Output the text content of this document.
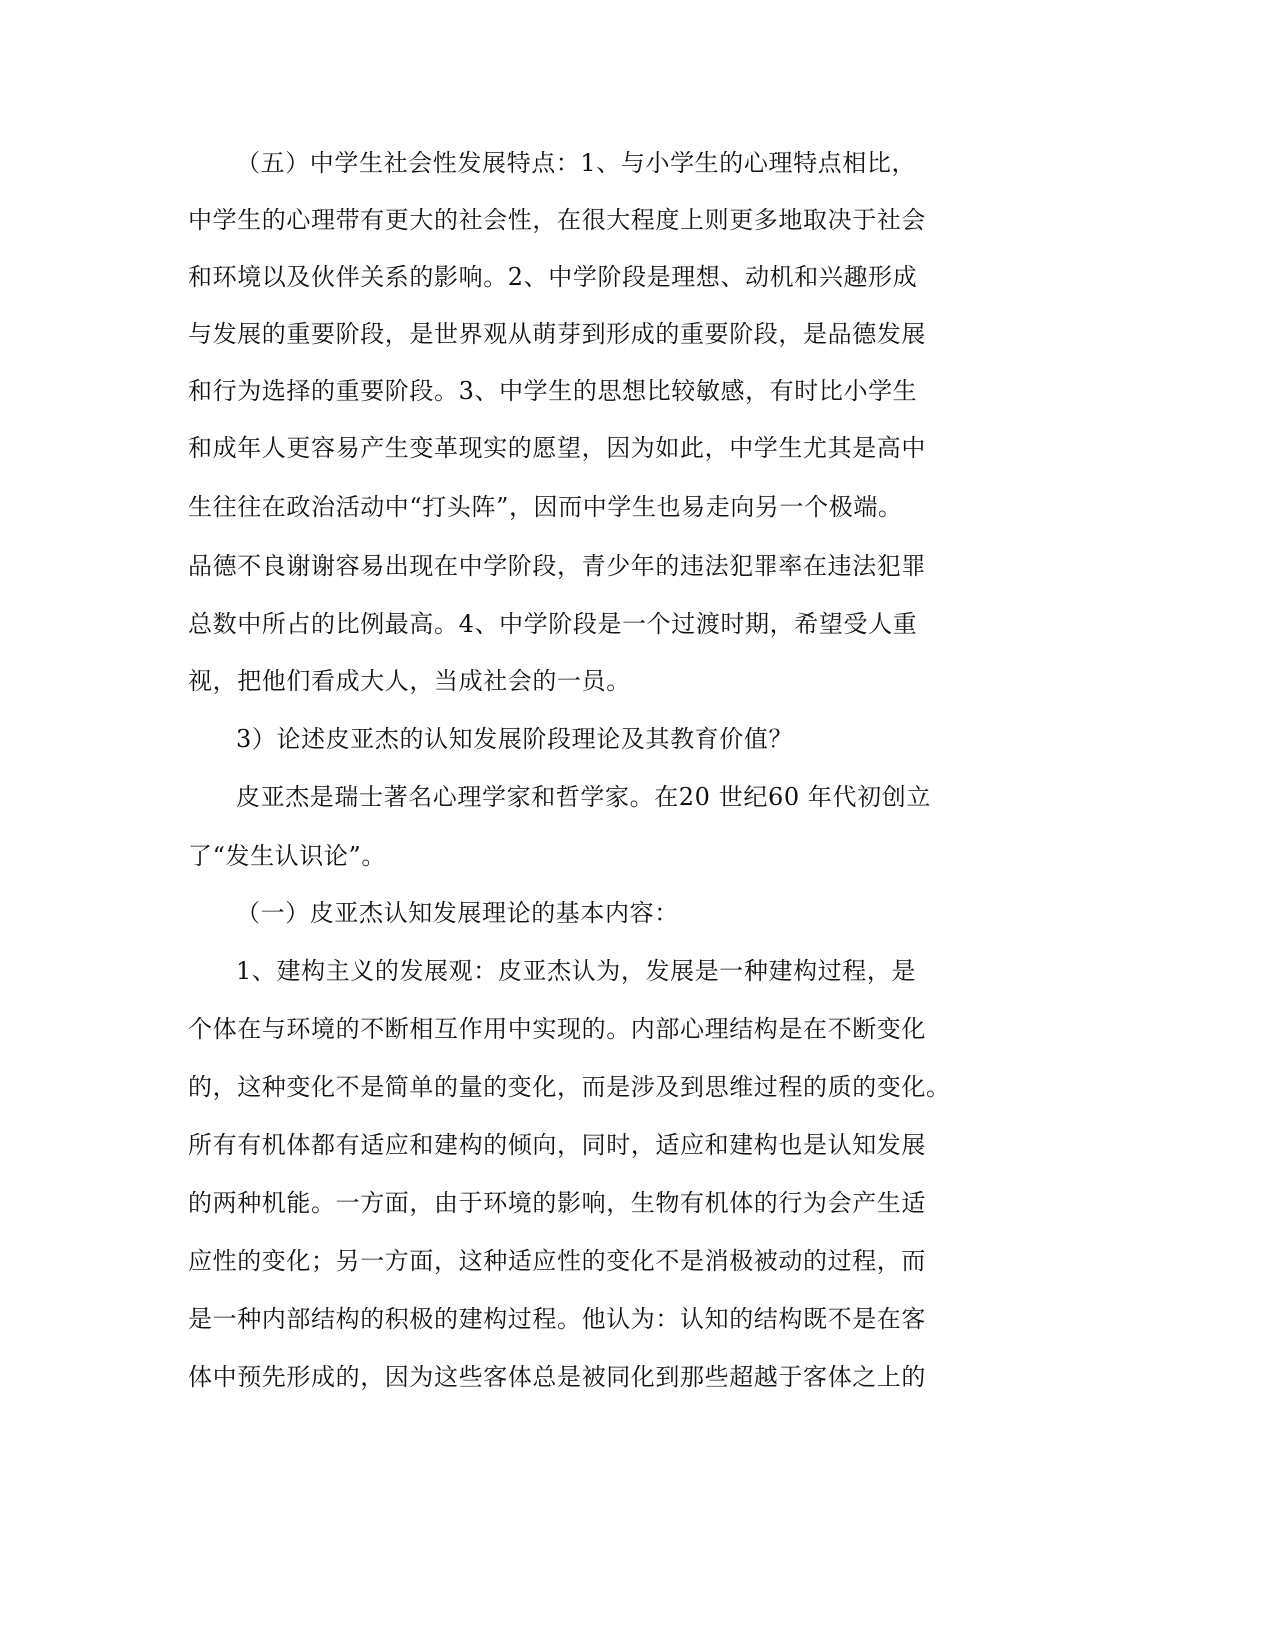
（五）中学生社会性发展特点：1、与小学生的心理特点相比，
中学生的心理带有更大的社会性，在很大程度上则更多地取决于社会
和环境以及伙伴关系的影响。2、中学阶段是理想、动机和兴趣形成
与发展的重要阶段，是世界观从萌芽到形成的重要阶段，是品德发展
和行为选择的重要阶段。3、中学生的思想比较敏感，有时比小学生
和成年人更容易产生变革现实的愿望，因为如此，中学生尤其是高中
生往往在政治活动中“打头阵”，因而中学生也易走向另一个极端。
品德不良谢谢容易出现在中学阶段，青少年的违法犯罪率在违法犯罪
总数中所占的比例最高。4、中学阶段是一个过渡时期，希望受人重
视，把他们看成大人，当成社会的一员。
3）论述皮亚杰的认知发展阶段理论及其教育价值？
皮亚杰是瑞士著名心理学家和哲学家。在20 世纪60 年代初创立
了“发生认识论”。
（一）皮亚杰认知发展理论的基本内容：
1、建构主义的发展观：皮亚杰认为，发展是一种建构过程，是
个体在与环境的不断相互作用中实现的。内部心理结构是在不断变化
的，这种变化不是简单的量的变化，而是涉及到思维过程的质的变化。
所有有机体都有适应和建构的倾向，同时，适应和建构也是认知发展
的两种机能。一方面，由于环境的影响，生物有机体的行为会产生适
应性的变化；另一方面，这种适应性的变化不是消极被动的过程，而
是一种内部结构的积极的建构过程。他认为：认知的结构既不是在客
体中预先形成的，因为这些客体总是被同化到那些超越于客体之上的
